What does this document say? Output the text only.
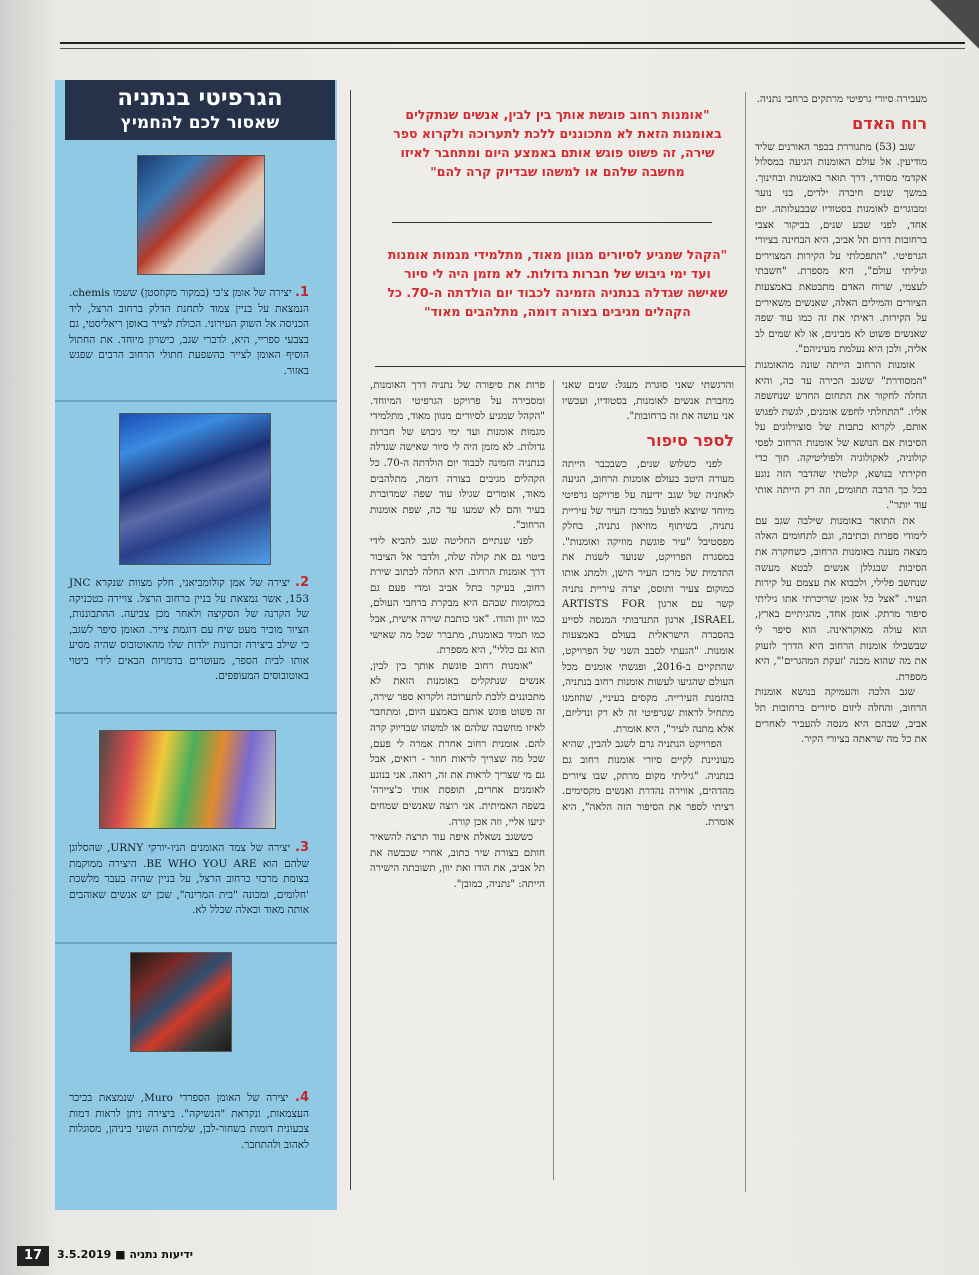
הגרפיטי בנתניה
שאסור לכם להחמיץ
1. יצירה של אומן צ'כי (במקור מקוזסטן) ששמו chemis. הנמצאת על בניין צמוד לתחנת הדלק ברחוב הרצל, ליד הכניסה אל השוק העירוני. הכולת לצייר באופן ריאליסטי, גם בצבעי ספריי, היא, לדברי שגב, כישרון מיוחד. את החתול הוסיף האומן לצייר בהשפעת חתולי הרחוב הרבים שפגש באזור.
2. יצירה של אמן קולומביאני, חלק מצוות שנקרא JNC 153, אשר נמצאת על בניין ברחוב הרצל. צויירה בטכניקה של הקרנה של הסקיצה ולאחר מכן צביעה. ההתבוננות, הציור מוכיר מעט שיח עם דוגמת צייר. האומן סיפר לשגב, כי שילב ביצירה זכרונות ילדות שלו מהאוטובוס שהיה מסיע אותו לבית הספר, מעוטרים בדמויות הבאים לידי ביטוי באוטובוסים המעופפים.
3. יצירה של צמד האומנים הניו-יורקי URNY, שהסלוגן שלהם הוא BE WHO YOU ARE. היצירה ממוקמת בצומת מרכזי ברחוב הרצל, על בניין שהיה בעבר מלשכת 'חלומים, ומכונה "בית המרינה", שכן יש אנשים שאוהבים אותה מאוד וכאלה שכלל לא.
4. יצירה של האומן הספרדי Muro, שנמצאת בכיכר העצמאות, ונקראת "הנשיקה". ביצירה ניתן לראות דמות צבעונית דומות בשחור-לבן, שלמרות השוני ביניהן, מסוגלות לאהוב ולהתחבר.
"אומנות רחוב פוגשת אותך בין לבין, אנשים שנתקלים באומנות הזאת לא מתכוננים ללכת לתערוכה ולקרוא ספר שירה, זה פשוט פוגש אותם באמצע היום ומתחבר לאיזו מחשבה שלהם או למשהו שבדיוק קרה להם"
"הקהל שמגיע לסיורים מגוון מאוד, מתלמידי מגמות אומנות ועד ימי גיבוש של חברות גדולות. לא מזמן היה לי סיור שאישה שגדלה בנתניה הזמינה לכבוד יום הולדתה ה-70. כל הקהלים מגיבים בצורה דומה, מתלהבים מאוד"

מעבירה סיורי גרפיטי מרתקים ברחבי נתניה.

רוח האדם

שגב (53) מתגוררת בכפר האורנים שליד מודיעין. אל עולם האומנות הגיעה במסלול אקדמי מסודר, דרך תואר באומנות ובחינוך. במשך שנים חיברה ילדים, בני נוער ומבוגרים לאומנות בסטודיו שבבעלותה. יום אחד, לפני שבע שנים, בביקור אצבי ברחובות דרום תל אביב, היא הבחינה בציורי הגרפיטי. "התפכלתי על הקירות המצוירים וגיליתי עולם", היא מספרת. "חשבתי לעצמי, שרוח האדם מתבטאת באמצעות הציורים והמילים האלה, שאנשים משאירים על הקירות. ראיתי את זה כמו עוד שפה שאנשים פשוט לא מבינים, או לא שמים לב אליה, ולכן היא נעלמת מעיניהם".

אומנות הרחוב הייתה שונה מהאומנות "המסודרת" ששגב הכירה עד כה, והיא החלה לחקור את התחום החדש שנחשפה אליו. "התחלתי לחפש אומנים, לגשת לפגוש אותם, לקרוא כתבות של סוציולוגים על הסיבות אם הנושא של אומנות הרחוב לפסי קולוניה, לאקולוגיה ולפוליטיקה. תוך כדי חקירתי בנושא, קלטתי שהדבר הזה נוגע בכל כך הרבה תחומים, וזה רק הייתה אותי עוד יותר".

את התואר באומנות שילבה שגב עם לימודי ספרות וכתיבה, וגם לתחומים האלה מצאה מענה באומנות הרחוב, כשחקרה את הסיבות שבגללן אנשים לבטא מעשה שנחשב פלילי, ולכבוא את עצמם על קירות העיר. "אצל כל אומן שריכרתי אתו גיליתי סיפור מרתק. אומן אחד, מהגיתיים בארץ, הוא עולה מאוקראינה. הוא סיפר לי שבשבילו אומנות הרחוב היא הדרך לזעוק את מה שהוא מכנה 'זעקת המהגרים'", היא מספרת.

שגב הלכה והעמיקה בנושא אומנות הרחוב, והחלה ליזום סיורים ברחובות תל אביב, שבהם היא מנסה להעביר לאחרים את כל מה שראתה בציורי הקיר.

והרגשתי שאני סוגרת מעגל: שנים שאני מחברת אנשים לאומנות, בסטודיו, ועכשיו אני עושה את זה ברחובות".

לספר סיפור

לפני כשלוש שנים, כשבכבר הייתה מעורה היטב בעולם אומנות הרחוב, הגיעה לאוזניה של שגב ידיעה על פרויקט גרפיטי מיוחד שיוצא לפועל במרכז העיר של עיריית נתניה, בשיתוף מוזיאון נתניה, בחלק מפסטיבל "עיר פוגשת מוזיקה ואומנות". במסגרת הפרויקט, שנועד לשנות את התדמית של מרכז העיר הישן, ולמתג אותו כמוקום צעיר ותוסס, יצרה עיריית נתניה קשר עם ארגון ARTISTS FOR ISRAEL, ארגון התנדבותי המנסה לסייע בהסברה הישראלית בעולם באמצעות אומנות. "הגעתי לסבב השני של הפרויקט, שהתקיים ב-2016, ופגשתי אומנים מכל העולם שהגיעו לעשות אומנות רחוב בנתניה, בהזמנת העירייה. מקסים בעיניי, שהוזמנו מתחיל לראות שגרפיטי זה לא רק ונדליזם, אלא מתנה לעיר", היא אומרת.

הפרויקט הנתניה גרם לשגב להבין, שהיא מעוניינת לקיים סיורי אומנות רחוב גם בנתניה. "גיליתי מקום מרתק, שבו ציורים מהדהים, אווירה נהדרת ואנשים מקסימים. רציתי לספר את הסיפור הזה הלאה", היא אומרת.

פרות את סיפורה של נתניה דרך האומנות, ומסבירה על פרויקט הגרפיטי המיוחד. "הקהל שמגיע לסיורים מגוון מאוד, מתלמידי מגמות אומנות ועד ימי גיבוש של חברות גדולות. לא מזמן היה לי סיור שאישה שגדלה בנתניה הזמינה לכבוד יום הולדתה ה-70. כל הקהלים מגיבים בצורה דומה, מתלהבים מאוד, אומרים שגילו עוד שפה שמדוברת בעיר והם לא שמעו עד כה, שפת אומנות הרחוב".

לפני שנתיים החליטה שגב להביא לידי ביטוי גם את קולה שלה, ולדבר אל הציבור דרך אומנות הרחוב. היא החלה לכתוב שירת רחוב, בעיקר בתל אביב ומדי פעם גם במקומות שבהם היא מבקרת ברחבי העולם, כמו יוון והודו. "אני כותבת שירה אישית, אבל כמו תמיד באומנות, מתברר שכל מה שאישי הוא גם כללי", היא מספרת.

"אומנות רחוב פוגשת אותך בין לבין, אנשים שנתקלים באומנות הזאת לא מתכוננים ללכת לתערוכה ולקרוא ספר שירה, זה פשוט פוגש אותם באמצע היום, ומתחבר לאיזו מחשבה שלהם או למשהו שבדיוק קרה להם. אומנית רחוב אחרת אמרה לי פעם, שכל מה שצריך לראות חוזר - רואים, אבל גם מי שצריך לראות את זה, רואה. אני בנוגע לאומנים אחרים, תופסת אותי כ'ציירה' בשפה האמיתית. אני רוצה שאנשים שמחים יגיעו אליי, וזה אכן קורה.

כששגב נשאלת איפה עוד תרצה להשאיר חותם בצורת שיר כתוב, אחרי שכבשה את תל אביב, את הודו ואת יוון, תשובתה הישירה הייתה: "נתניה, כמובן".

17	ידיעות נתניה ■ 3.5.2019
